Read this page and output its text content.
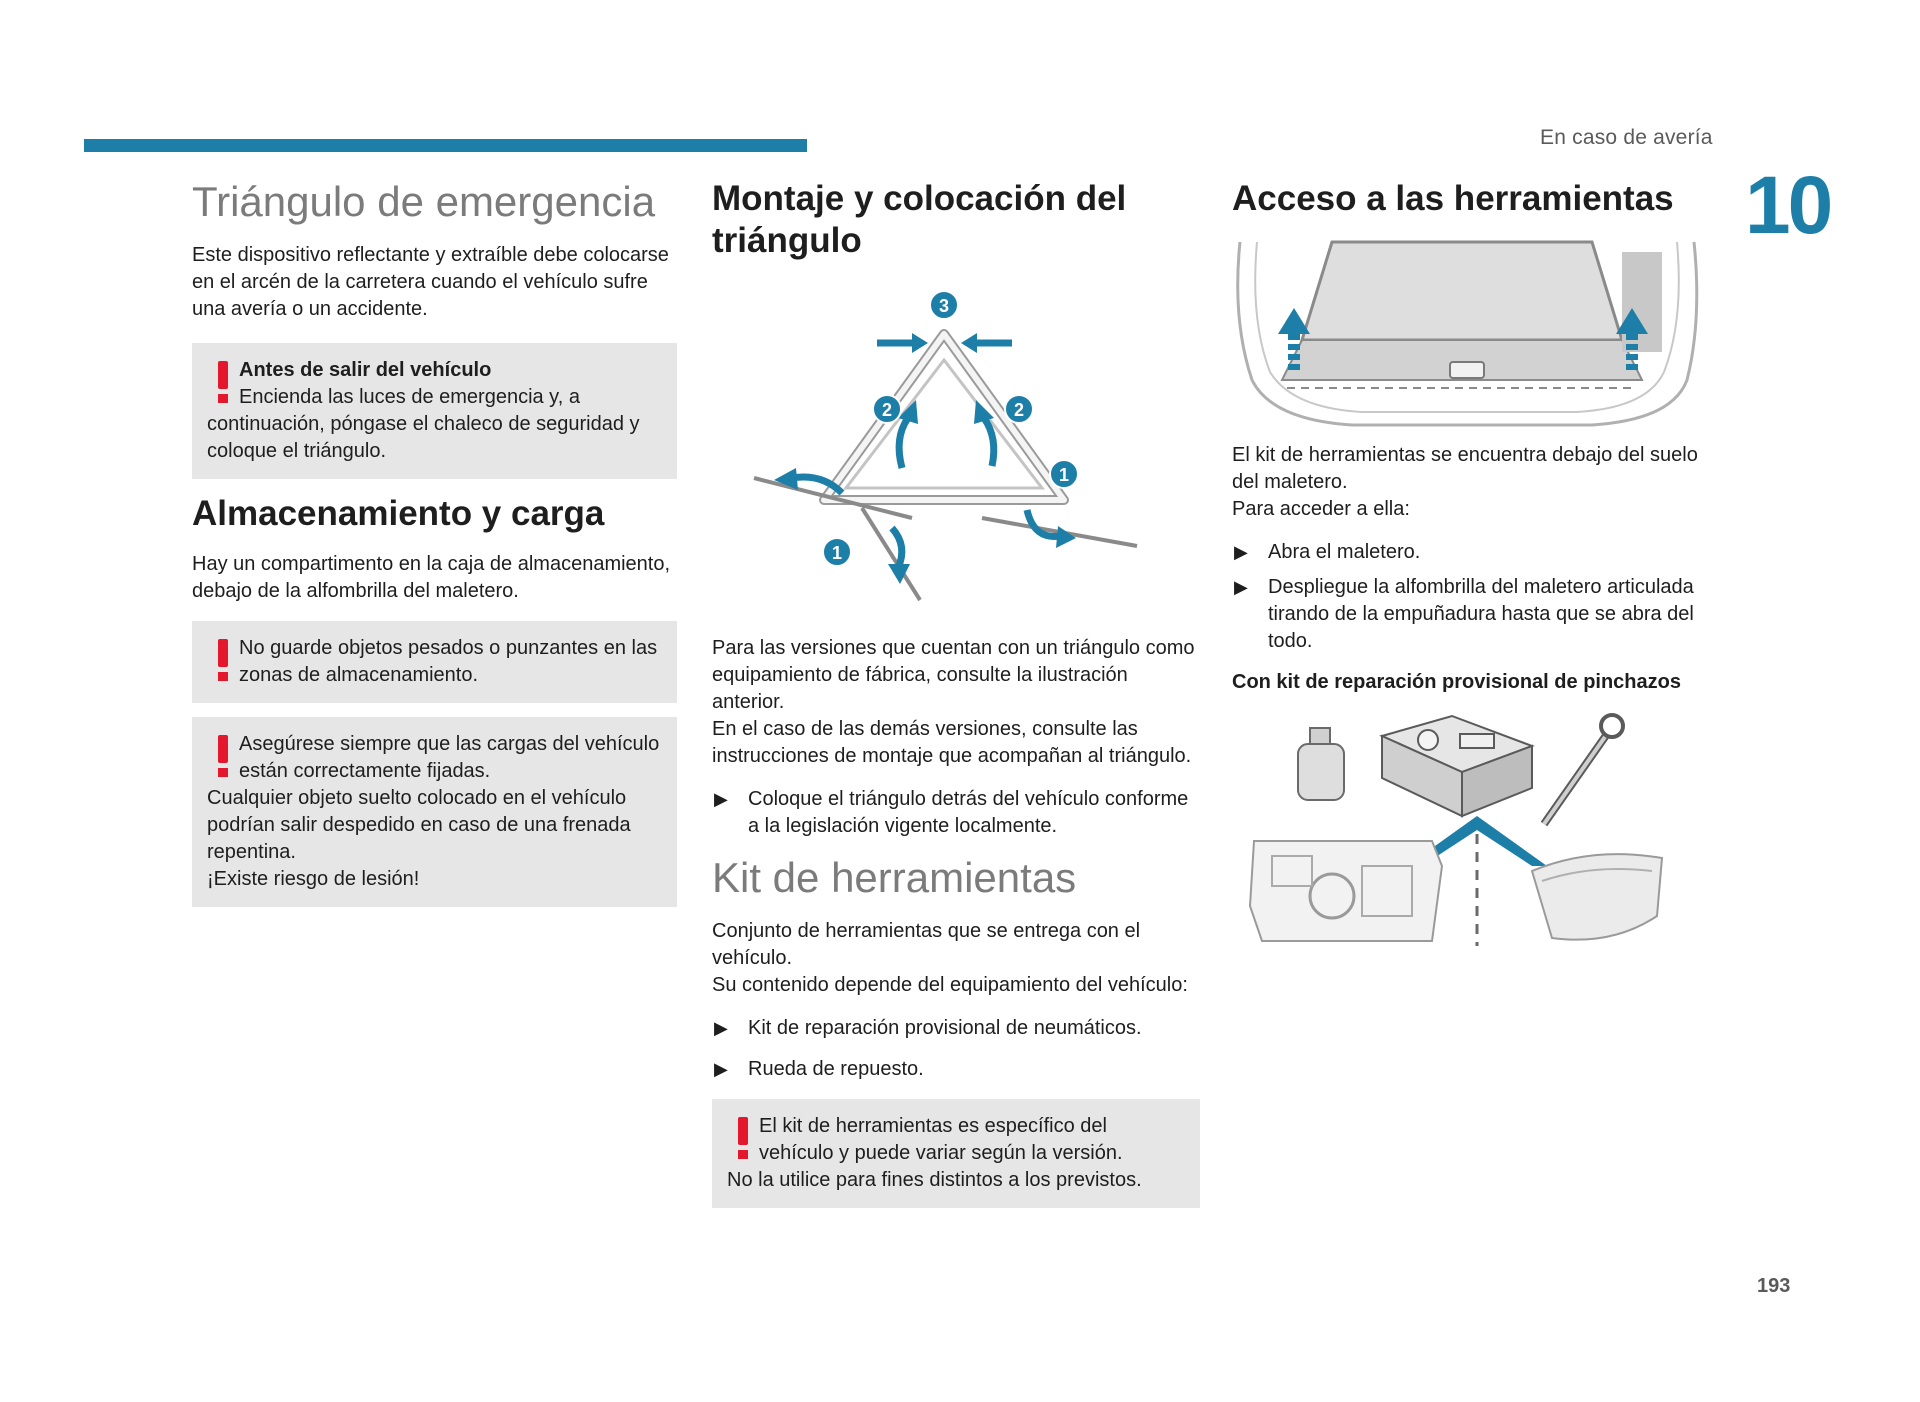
En caso de avería
10
Triángulo de emergencia

Este dispositivo reflectante y extraíble debe colocarse en el arcén de la carretera cuando el vehículo sufre una avería o un accidente.

Antes de salir del vehículo
Encienda las luces de emergencia y, a continuación, póngase el chaleco de seguridad y coloque el triángulo.
Almacenamiento y carga

Hay un compartimento en la caja de almacenamiento, debajo de la alfombrilla del maletero.

No guarde objetos pesados o punzantes en las zonas de almacenamiento.
Asegúrese siempre que las cargas del vehículo están correctamente fijadas.
Cualquier objeto suelto colocado en el vehículo podrían salir despedido en caso de una frenada repentina.
¡Existe riesgo de lesión!
Montaje y colocación del triángulo
3
2	2
1
1

Para las versiones que cuentan con un triángulo como equipamiento de fábrica, consulte la ilustración anterior.

En el caso de las demás versiones, consulte las instrucciones de montaje que acompañan al triángulo.

▶	Coloque el triángulo detrás del vehículo conforme a la legislación vigente localmente.
Kit de herramientas

Conjunto de herramientas que se entrega con el vehículo.

Su contenido depende del equipamiento del vehículo:

▶	Kit de reparación provisional de neumáticos.
▶	Rueda de repuesto.
El kit de herramientas es específico del vehículo y puede variar según la versión.
No la utilice para fines distintos a los previstos.
Acceso a las herramientas

El kit de herramientas se encuentra debajo del suelo del maletero.

Para acceder a ella:

▶	Abra el maletero.
▶	Despliegue la alfombrilla del maletero articulada tirando de la empuñadura hasta que se abra del todo.
Con kit de reparación provisional de pinchazos
193
